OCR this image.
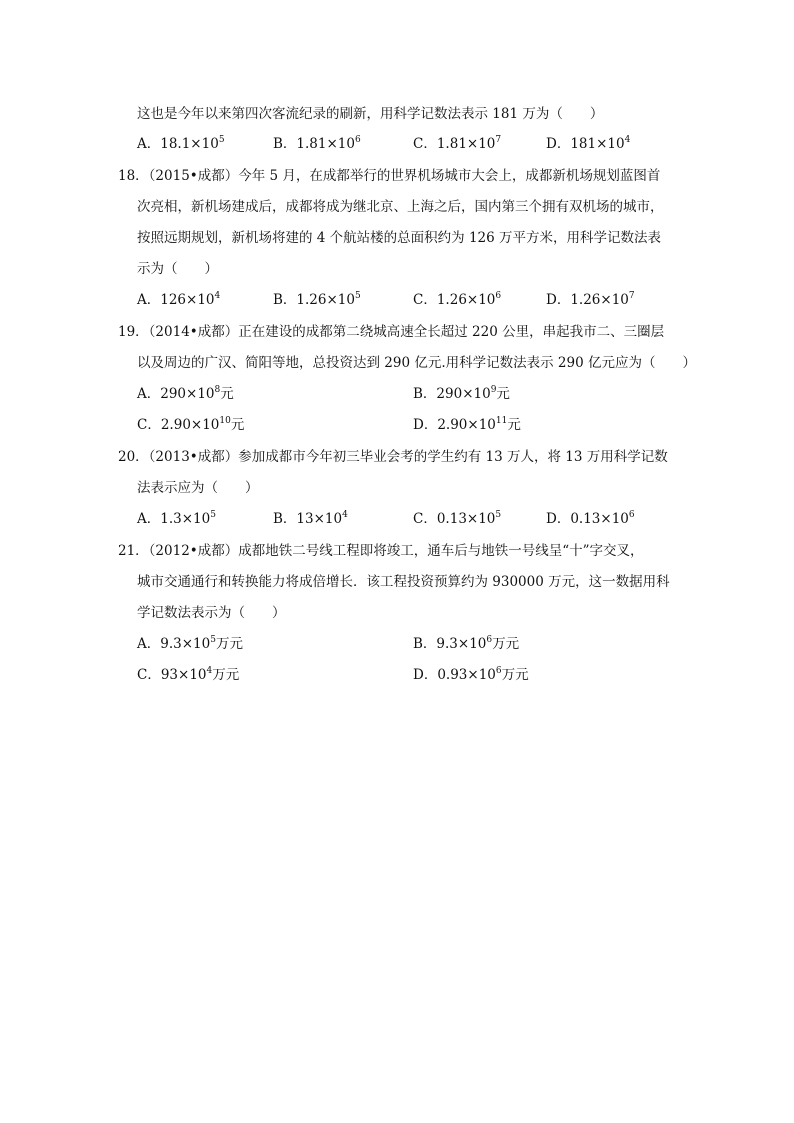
这也是今年以来第四次客流纪录的刷新，用科学记数法表示 181 万为（　　）
A．$18.1\times 10^5$	B．$1.81\times 10^6$	C．$1.81\times 10^7$	D．$181\times 10^4$
18．（2015•成都）今年 5 月，在成都举行的世界机场城市大会上，成都新机场规划蓝图首
次亮相，新机场建成后，成都将成为继北京、上海之后，国内第三个拥有双机场的城市，
按照远期规划，新机场将建的 4 个航站楼的总面积约为 126 万平方米，用科学记数法表
示为（　　）
A．$126\times 10^4$	B．$1.26\times 10^5$	C．$1.26\times 10^6$	D．$1.26\times 10^7$
19．（2014•成都）正在建设的成都第二绕城高速全长超过 220 公里，串起我市二、三圈层
以及周边的广汉、简阳等地，总投资达到 290 亿元.用科学记数法表示 290 亿元应为（　　）
A．$290\times 10^8$元	B．$290\times 10^9$元
C．$2.90\times 10^{10}$元	D．$2.90\times 10^{11}$元
20．（2013•成都）参加成都市今年初三毕业会考的学生约有 13 万人，将 13 万用科学记数
法表示应为（　　）
A．$1.3\times 10^5$	B．$13\times 10^4$	C．$0.13\times 10^5$	D．$0.13\times 10^6$
21．（2012•成都）成都地铁二号线工程即将竣工，通车后与地铁一号线呈“十”字交叉，
城市交通通行和转换能力将成倍增长．该工程投资预算约为 930000 万元，这一数据用科
学记数法表示为（　　）
A．$9.3\times 10^5$万元	B．$9.3\times 10^6$万元
C．$93\times 10^4$万元	D．$0.93\times 10^6$万元
